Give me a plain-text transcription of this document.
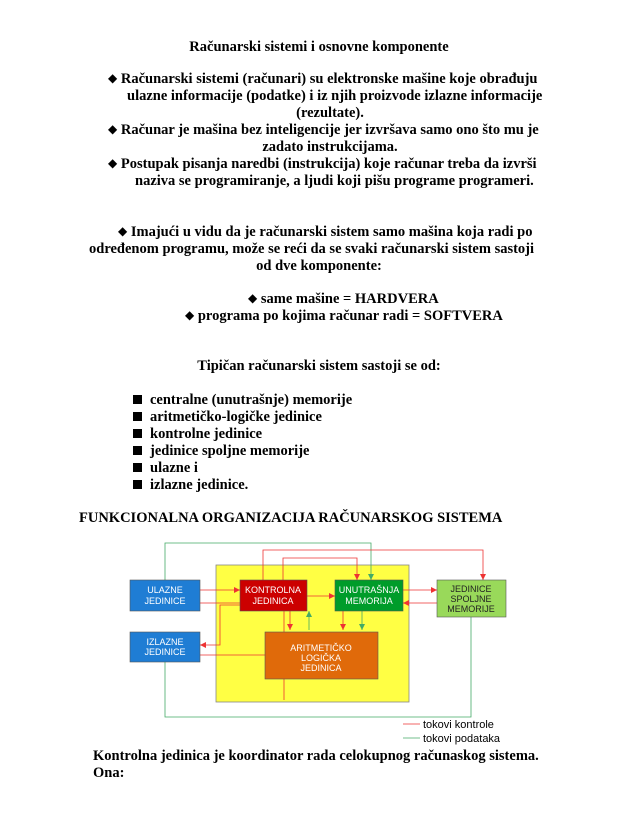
Računarski sistemi i osnovne komponente
◆ Računarski sistemi (računari) su elektronske mašine koje obrađuju
ulazne informacije (podatke) i iz njih proizvode izlazne informacije
(rezultate).
◆ Računar je mašina bez inteligencije jer izvršava samo ono što mu je
zadato instrukcijama.
◆ Postupak pisanja naredbi (instrukcija) koje računar treba da izvrši
naziva se programiranje, a ljudi koji pišu programe programeri.
◆ Imajući u vidu da je računarski sistem samo mašina koja radi po
određenom programu, može se reći da se svaki računarski sistem sastoji
od dve komponente:
◆ same mašine = HARDVERA
◆ programa po kojima računar radi = SOFTVERA
Tipičan računarski sistem sastoji se od:
centralne (unutrašnje) memorije
aritmetičko-logičke jedinice
kontrolne jedinice
jedinice spoljne memorije
ulazne i
izlazne jedinice.
FUNKCIONALNA ORGANIZACIJA RAČUNARSKOG SISTEMA
ULAZNE
JEDINICE
IZLAZNE
JEDINICE
KONTROLNA
JEDINICA
UNUTRAŠNJA
MEMORIJA
ARITMETIČKO
LOGIČKA
JEDINICA
JEDINICE
SPOLJNE
MEMORIJE
tokovi kontrole
tokovi podataka
Kontrolna jedinica je koordinator rada celokupnog računaskog sistema.
Ona:
